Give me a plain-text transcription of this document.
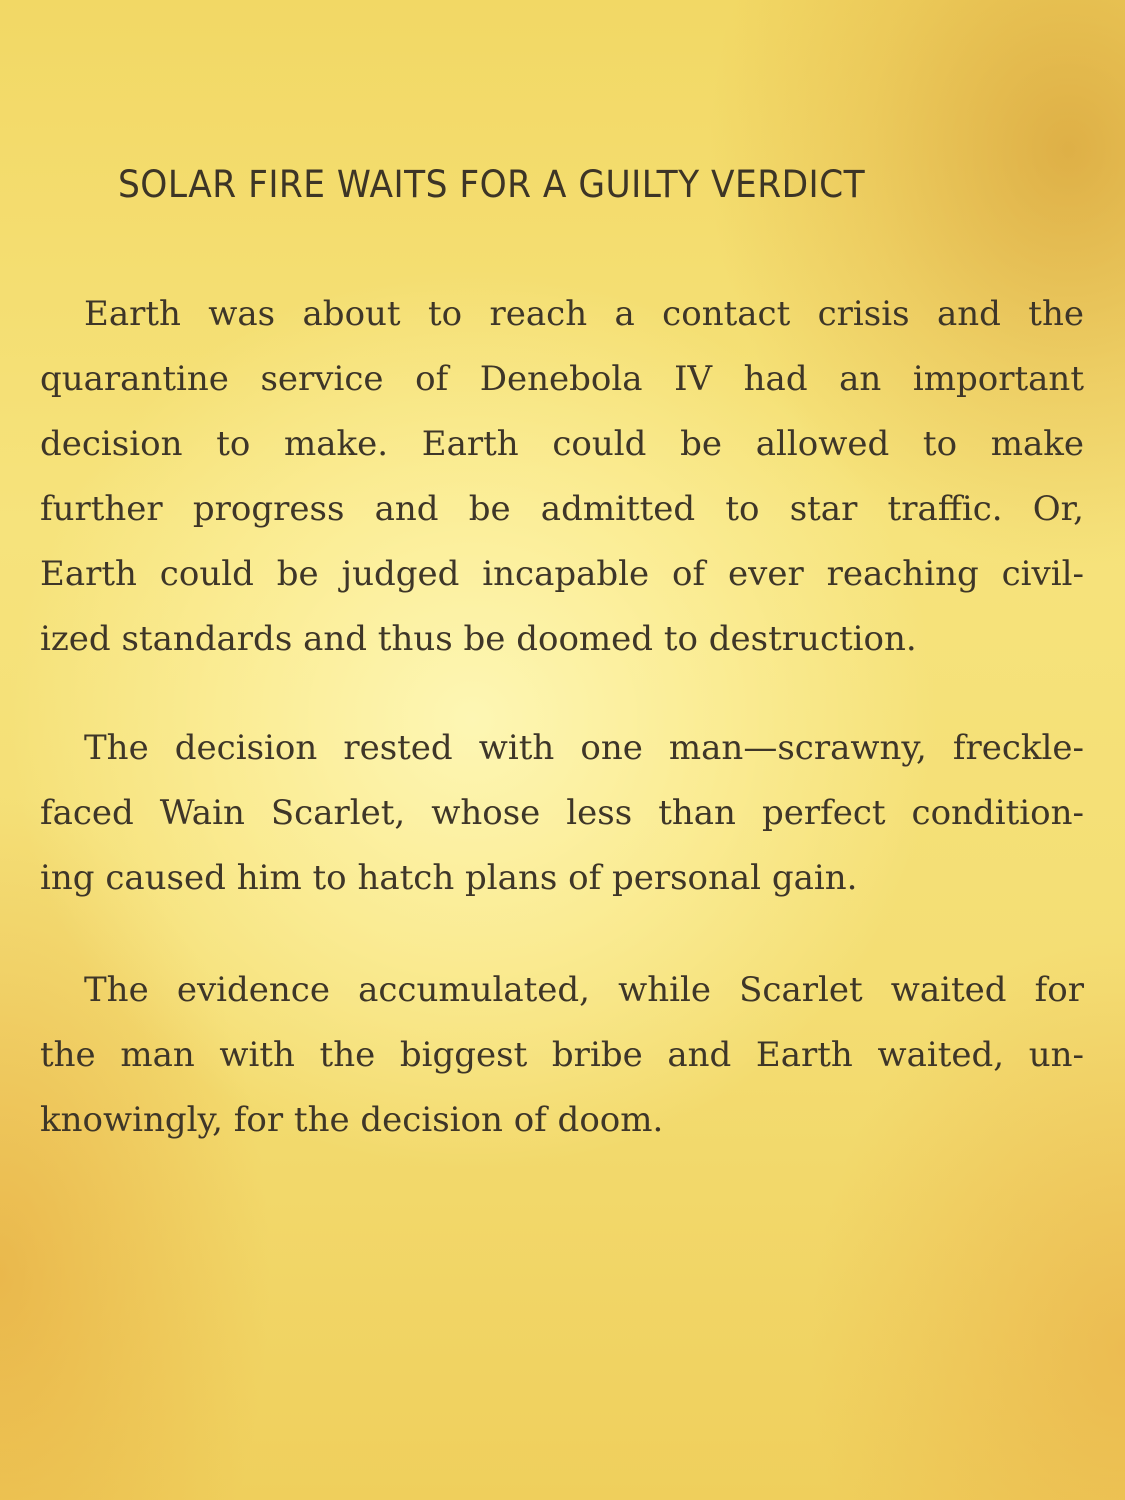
SOLAR FIRE WAITS FOR A GUILTY VERDICT
Earth was about to reach a contact crisis and the
quarantine service of Denebola IV had an important
decision to make. Earth could be allowed to make
further progress and be admitted to star traffic. Or,
Earth could be judged incapable of ever reaching civil-
ized standards and thus be doomed to destruction.
The decision rested with one man—scrawny, freckle-
faced Wain Scarlet, whose less than perfect condition-
ing caused him to hatch plans of personal gain.
The evidence accumulated, while Scarlet waited for
the man with the biggest bribe and Earth waited, un-
knowingly, for the decision of doom.
